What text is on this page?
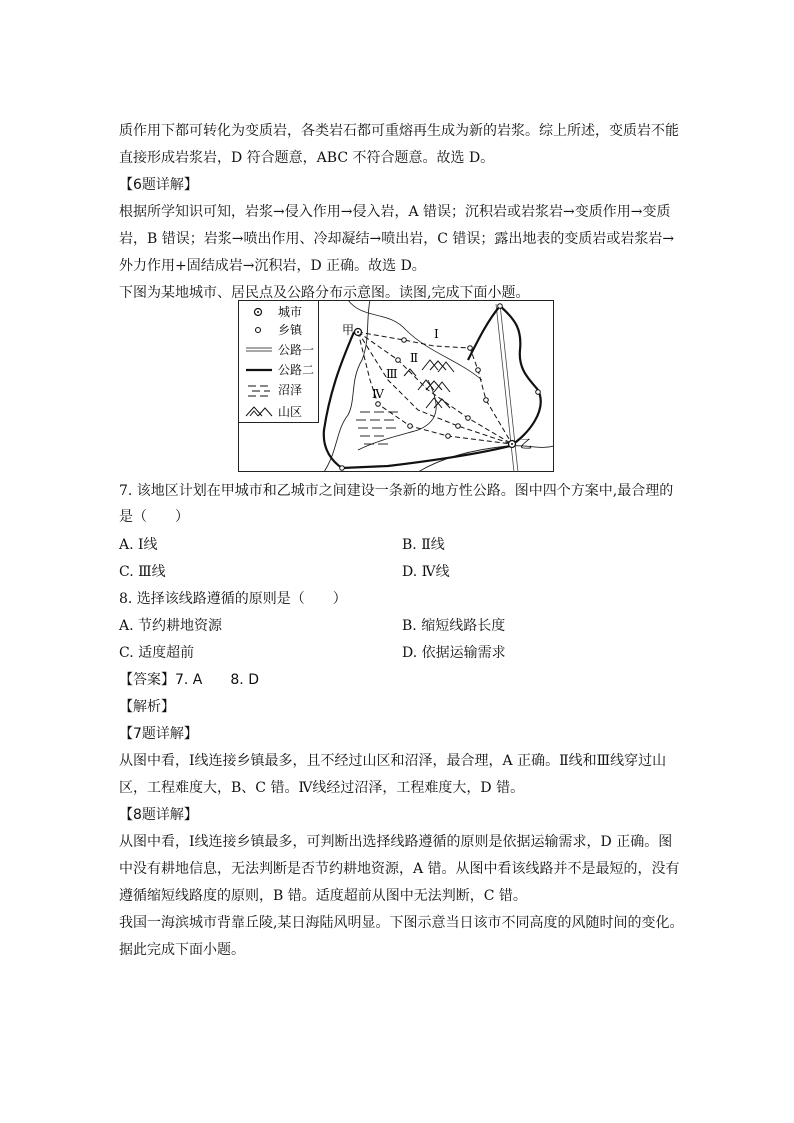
质作用下都可转化为变质岩，各类岩石都可重熔再生成为新的岩浆。综上所述，变质岩不能
直接形成岩浆岩，D 符合题意，ABC 不符合题意。故选 D。
【6题详解】
根据所学知识可知，岩浆→侵入作用→侵入岩，A 错误；沉积岩或岩浆岩→变质作用→变质
岩，B 错误；岩浆→喷出作用、冷却凝结→喷出岩，C 错误；露出地表的变质岩或岩浆岩→
外力作用+固结成岩→沉积岩，D 正确。故选 D。
下图为某地城市、居民点及公路分布示意图。读图,完成下面小题。
城市
乡镇
公路一
公路二
沼泽
山区
甲
乙
Ⅰ
Ⅱ
Ⅲ
Ⅳ
7. 该地区计划在甲城市和乙城市之间建设一条新的地方性公路。图中四个方案中,最合理的
是（　　）
A. Ⅰ线	B. Ⅱ线
C. Ⅲ线	D. Ⅳ线
8. 选择该线路遵循的原则是（　　）
A. 节约耕地资源	B. 缩短线路长度
C. 适度超前	D. 依据运输需求
【答案】7. A　　8. D
【解析】
【7题详解】
从图中看，Ⅰ线连接乡镇最多，且不经过山区和沼泽，最合理，A 正确。Ⅱ线和Ⅲ线穿过山
区，工程难度大，B、C 错。Ⅳ线经过沼泽，工程难度大，D 错。
【8题详解】
从图中看，Ⅰ线连接乡镇最多，可判断出选择线路遵循的原则是依据运输需求，D 正确。图
中没有耕地信息，无法判断是否节约耕地资源，A 错。从图中看该线路并不是最短的，没有
遵循缩短线路度的原则，B 错。适度超前从图中无法判断，C 错。
我国一海滨城市背靠丘陵,某日海陆风明显。下图示意当日该市不同高度的风随时间的变化。
据此完成下面小题。
